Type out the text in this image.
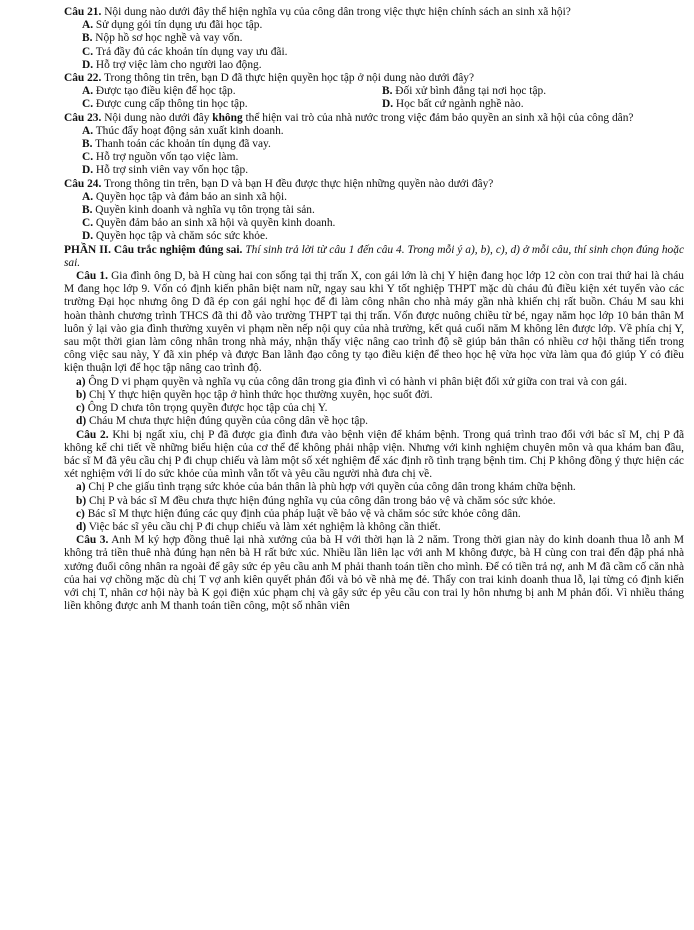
Câu 21. Nội dung nào dưới đây thể hiện nghĩa vụ của công dân trong việc thực hiện chính sách an sinh xã hội?

A. Sử dụng gói tín dụng ưu đãi học tập.

B. Nộp hồ sơ học nghề và vay vốn.

C. Trả đầy đủ các khoản tín dụng vay ưu đãi.

D. Hỗ trợ việc làm cho người lao động.

Câu 22. Trong thông tin trên, bạn D đã thực hiện quyền học tập ở nội dung nào dưới đây?

A. Được tạo điều kiện để học tập.	B. Đối xử bình đẳng tại nơi học tập.
C. Được cung cấp thông tin học tập.	D. Học bất cứ ngành nghề nào.

Câu 23. Nội dung nào dưới đây không thể hiện vai trò của nhà nước trong việc đảm bảo quyền an sinh xã hội của công dân?

A. Thúc đẩy hoạt động sản xuất kinh doanh.

B. Thanh toán các khoản tín dụng đã vay.

C. Hỗ trợ nguồn vốn tạo việc làm.

D. Hỗ trợ sinh viên vay vốn học tập.

Câu 24. Trong thông tin trên, bạn D và bạn H đều được thực hiện những quyền nào dưới đây?

A. Quyền học tập và đảm bảo an sinh xã hội.

B. Quyền kinh doanh và nghĩa vụ tôn trọng tài sản.

C. Quyền đảm bảo an sinh xã hội và quyền kinh doanh.

D. Quyền học tập và chăm sóc sức khỏe.

PHẦN II. Câu trắc nghiệm đúng sai. Thí sinh trả lời từ câu 1 đến câu 4. Trong mỗi ý a), b), c), d) ở mỗi câu, thí sinh chọn đúng hoặc sai.

Câu 1. Gia đình ông D, bà H cùng hai con sống tại thị trấn X, con gái lớn là chị Y hiện đang học lớp 12 còn con trai thứ hai là cháu M đang học lớp 9. Vốn có định kiến phân biệt nam nữ, ngay sau khi Y tốt nghiệp THPT mặc dù cháu đủ điều kiện xét tuyển vào các trường Đại học nhưng ông D đã ép con gái nghỉ học để đi làm công nhân cho nhà máy gần nhà khiến chị rất buồn. Cháu M sau khi hoàn thành chương trình THCS đã thi đỗ vào trường THPT tại thị trấn. Vốn được nuông chiều từ bé, ngay năm học lớp 10 bản thân M luôn ỷ lại vào gia đình thường xuyên vi phạm nền nếp nội quy của nhà trường, kết quả cuối năm M không lên được lớp. Về phía chị Y, sau một thời gian làm công nhân trong nhà máy, nhận thấy việc nâng cao trình độ sẽ giúp bản thân có nhiều cơ hội thăng tiến trong công việc sau này, Y đã xin phép và được Ban lãnh đạo công ty tạo điều kiện để theo học hệ vừa học vừa làm qua đó giúp Y có điều kiện thuận lợi để học tập nâng cao trình độ.

a) Ông D vi phạm quyền và nghĩa vụ của công dân trong gia đình vì có hành vi phân biệt đối xử giữa con trai và con gái.

b) Chị Y thực hiện quyền học tập ở hình thức học thường xuyên, học suốt đời.

c) Ông D chưa tôn trọng quyền được học tập của chị Y.

d) Cháu M chưa thực hiện đúng quyền của công dân về học tập.

Câu 2. Khi bị ngất xỉu, chị P đã được gia đình đưa vào bệnh viện để khám bệnh. Trong quá trình trao đổi với bác sĩ M, chị P đã không kể chi tiết về những biểu hiện của cơ thể để không phải nhập viện. Nhưng với kinh nghiệm chuyên môn và qua khám ban đầu, bác sĩ M đã yêu cầu chị P đi chụp chiếu và làm một số xét nghiệm để xác định rõ tình trạng bệnh tim. Chị P không đồng ý thực hiện các xét nghiệm với lí do sức khỏe của mình vẫn tốt và yêu cầu người nhà đưa chị về.

a) Chị P che giấu tình trạng sức khỏe của bản thân là phù hợp với quyền của công dân trong khám chữa bệnh.

b) Chị P và bác sĩ M đều chưa thực hiện đúng nghĩa vụ của công dân trong bảo vệ và chăm sóc sức khỏe.

c) Bác sĩ M thực hiện đúng các quy định của pháp luật về bảo vệ và chăm sóc sức khỏe công dân.

d) Việc bác sĩ yêu cầu chị P đi chụp chiếu và làm xét nghiệm là không cần thiết.

Câu 3. Anh M ký hợp đồng thuê lại nhà xưởng của bà H với thời hạn là 2 năm. Trong thời gian này do kinh doanh thua lỗ anh M không trả tiền thuê nhà đúng hạn nên bà H rất bức xúc. Nhiều lần liên lạc với anh M không được, bà H cùng con trai đến đập phá nhà xưởng đuổi công nhân ra ngoài để gây sức ép yêu cầu anh M phải thanh toán tiền cho mình. Để có tiền trả nợ, anh M đã cầm cố căn nhà của hai vợ chồng mặc dù chị T vợ anh kiên quyết phản đối và bỏ về nhà mẹ đẻ. Thấy con trai kinh doanh thua lỗ, lại từng có định kiến với chị T, nhân cơ hội này bà K gọi điện xúc phạm chị và gây sức ép yêu cầu con trai ly hôn nhưng bị anh M phản đối. Vì nhiều tháng liền không được anh M thanh toán tiền công, một số nhân viên
